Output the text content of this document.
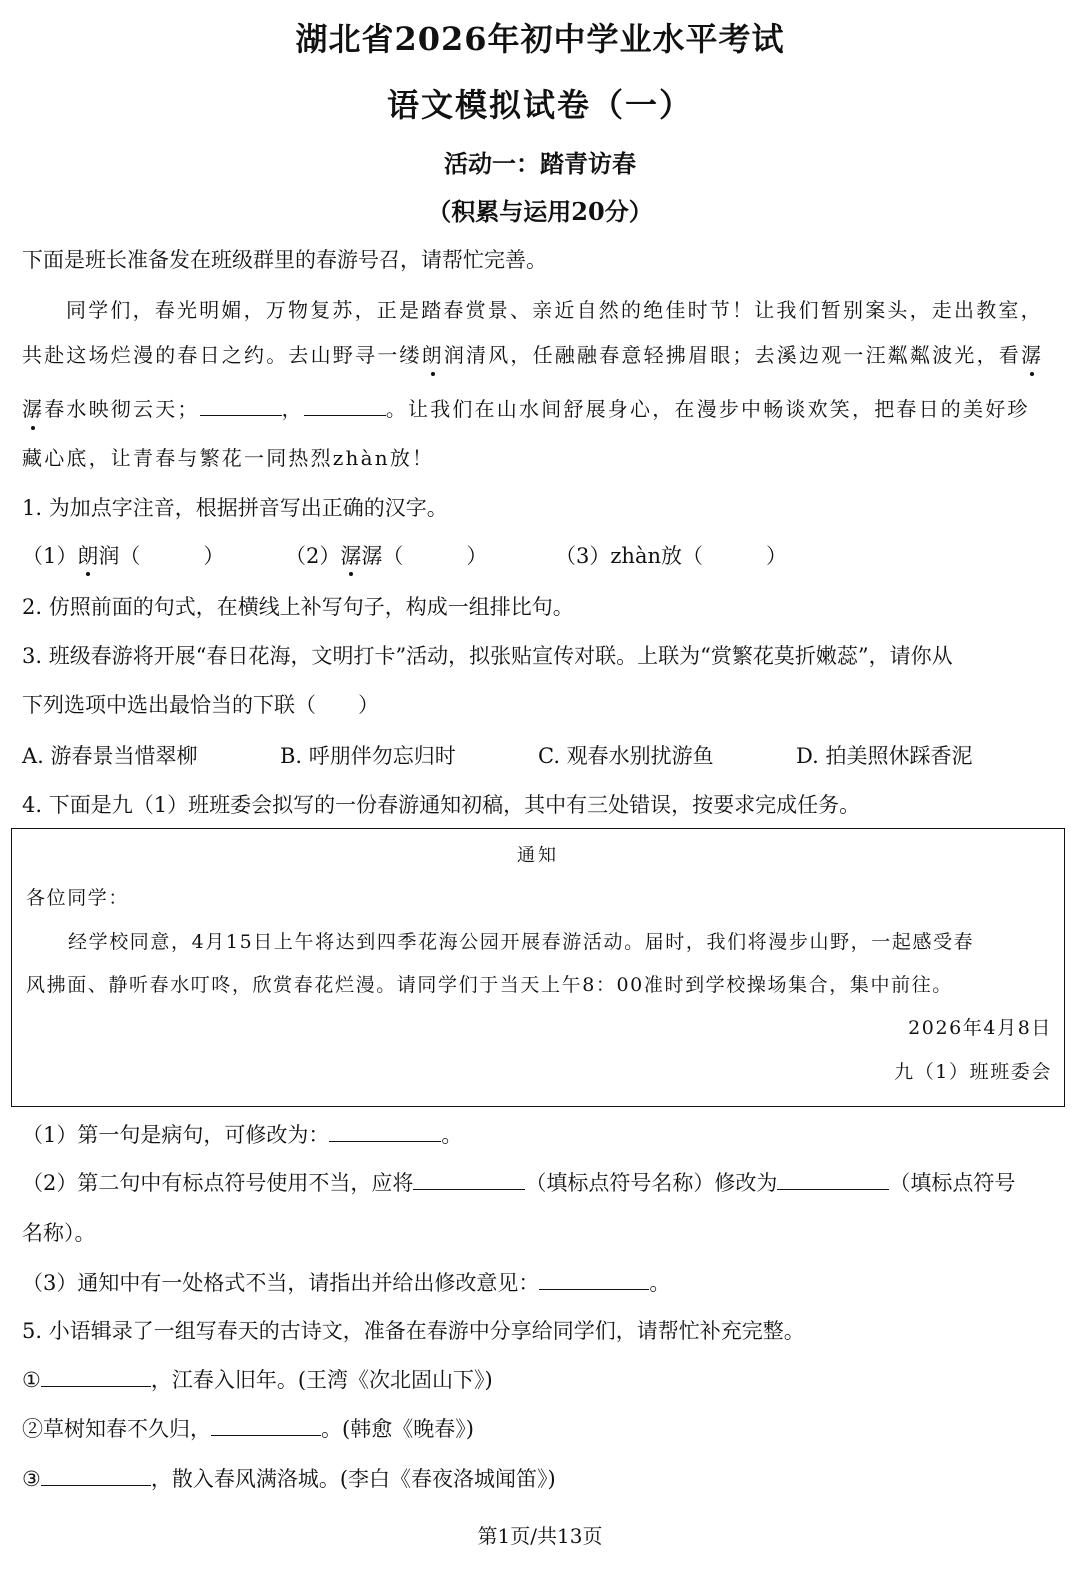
湖北省2026年初中学业水平考试
语文模拟试卷（一）
活动一：踏青访春
（积累与运用20分）
下面是班长准备发在班级群里的春游号召，请帮忙完善。
同学们，春光明媚，万物复苏，正是踏春赏景、亲近自然的绝佳时节！让我们暂别案头，走出教室，
共赴这场烂漫的春日之约。去山野寻一缕朗润清风，任融融春意轻拂眉眼；去溪边观一汪粼粼波光，看潺
潺春水映彻云天；	，	。让我们在山水间舒展身心，在漫步中畅谈欢笑，把春日的美好珍
藏心底，让青春与繁花一同热烈zhàn放！
1. 为加点字注音，根据拼音写出正确的汉字。
（1）朗润（　　　）	（2）潺潺（　　　）	（3）zhàn放（　　　）
2. 仿照前面的句式，在横线上补写句子，构成一组排比句。
3. 班级春游将开展“春日花海，文明打卡”活动，拟张贴宣传对联。上联为“赏繁花莫折嫩蕊”，请你从
下列选项中选出最恰当的下联（　　）
A. 游春景当惜翠柳	B. 呼朋伴勿忘归时	C. 观春水别扰游鱼	D. 拍美照休踩香泥
4. 下面是九（1）班班委会拟写的一份春游通知初稿，其中有三处错误，按要求完成任务。
通知
各位同学：
经学校同意，4月15日上午将达到四季花海公园开展春游活动。届时，我们将漫步山野，一起感受春
风拂面、静听春水叮咚，欣赏春花烂漫。请同学们于当天上午8：00准时到学校操场集合，集中前往。
2026年4月8日
九（1）班班委会
（1）第一句是病句，可修改为：	。
（2）第二句中有标点符号使用不当，应将	（填标点符号名称）修改为	（填标点符号
名称）。
（3）通知中有一处格式不当，请指出并给出修改意见：	。
5. 小语辑录了一组写春天的古诗文，准备在春游中分享给同学们，请帮忙补充完整。
①	，江春入旧年。(王湾《次北固山下》)
②草树知春不久归，	。(韩愈《晚春》)
③	，散入春风满洛城。(李白《春夜洛城闻笛》)
第1页/共13页
